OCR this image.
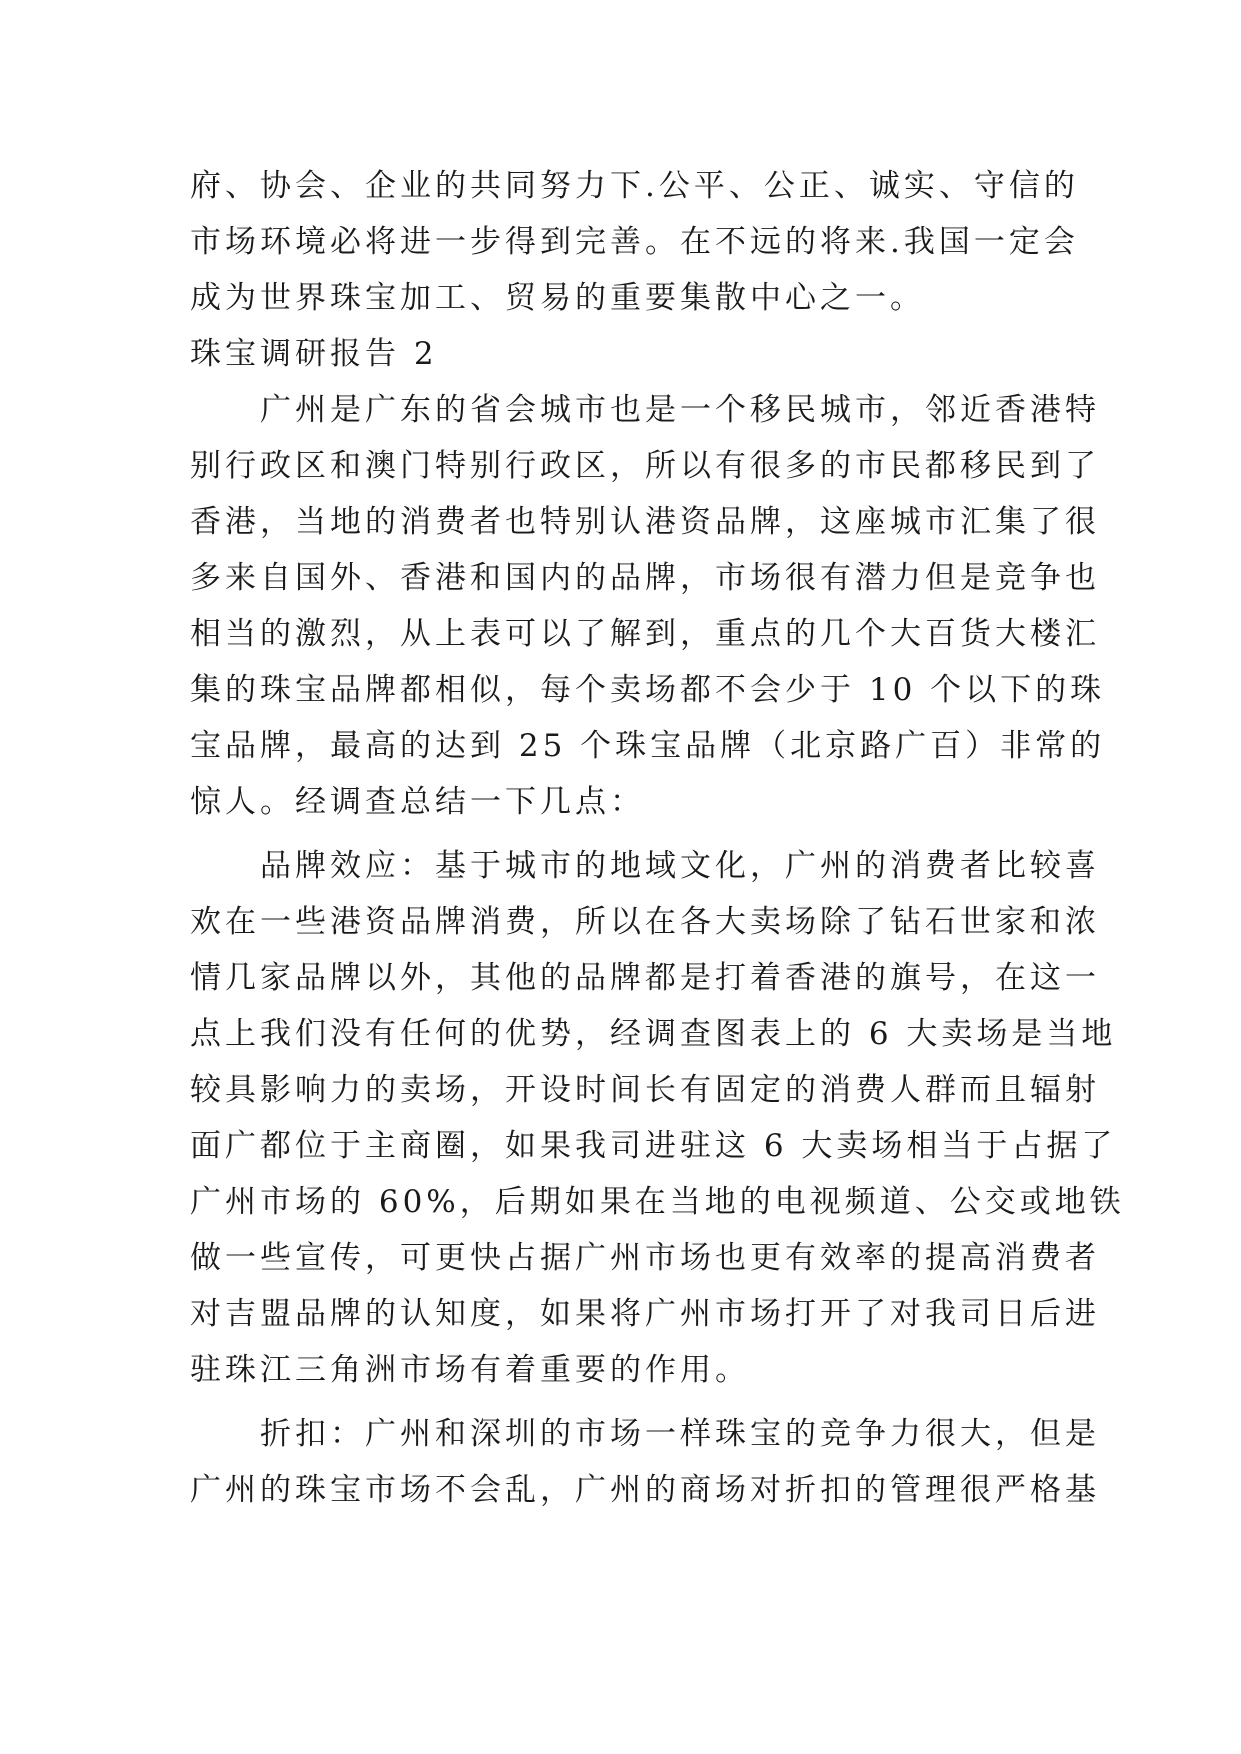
府、协会、企业的共同努力下.公平、公正、诚实、守信的
市场环境必将进一步得到完善。在不远的将来.我国一定会
成为世界珠宝加工、贸易的重要集散中心之一。
珠宝调研报告 2
　　广州是广东的省会城市也是一个移民城市，邻近香港特
别行政区和澳门特别行政区，所以有很多的市民都移民到了
香港，当地的消费者也特别认港资品牌，这座城市汇集了很
多来自国外、香港和国内的品牌，市场很有潜力但是竞争也
相当的激烈，从上表可以了解到，重点的几个大百货大楼汇
集的珠宝品牌都相似，每个卖场都不会少于 10 个以下的珠
宝品牌，最高的达到 25 个珠宝品牌（北京路广百）非常的
惊人。经调查总结一下几点：
　　品牌效应：基于城市的地域文化，广州的消费者比较喜
欢在一些港资品牌消费，所以在各大卖场除了钻石世家和浓
情几家品牌以外，其他的品牌都是打着香港的旗号，在这一
点上我们没有任何的优势，经调查图表上的 6 大卖场是当地
较具影响力的卖场，开设时间长有固定的消费人群而且辐射
面广都位于主商圈，如果我司进驻这 6 大卖场相当于占据了
广州市场的 60%，后期如果在当地的电视频道、公交或地铁
做一些宣传，可更快占据广州市场也更有效率的提高消费者
对吉盟品牌的认知度，如果将广州市场打开了对我司日后进
驻珠江三角洲市场有着重要的作用。
　　折扣：广州和深圳的市场一样珠宝的竞争力很大，但是
广州的珠宝市场不会乱，广州的商场对折扣的管理很严格基
